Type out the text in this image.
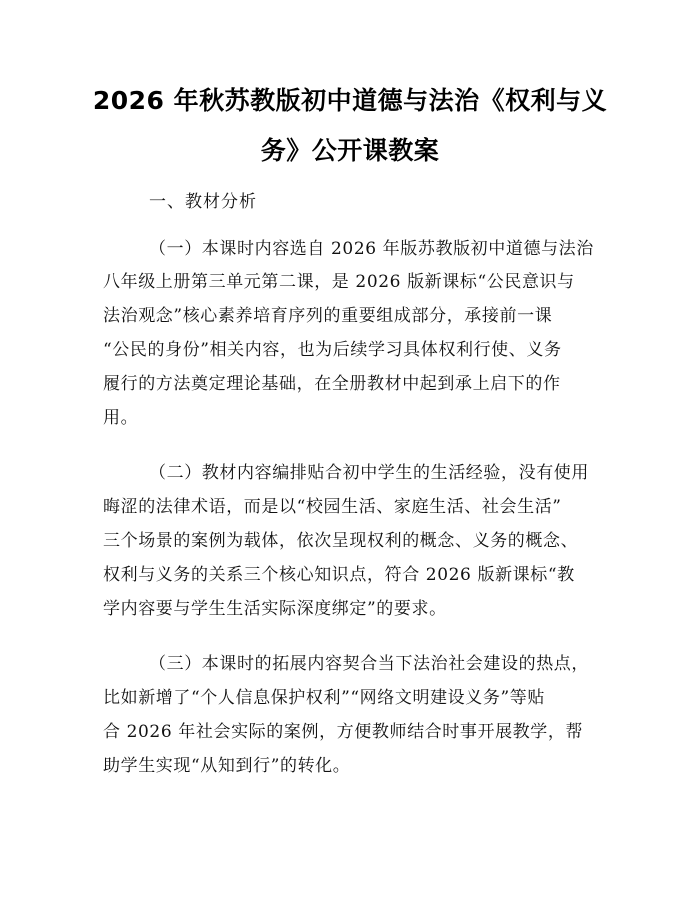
2026 年秋苏教版初中道德与法治《权利与义
务》公开课教案
一、教材分析
（一）本课时内容选自 2026 年版苏教版初中道德与法治
八年级上册第三单元第二课，是 2026 版新课标“公民意识与
法治观念”核心素养培育序列的重要组成部分，承接前一课
“公民的身份”相关内容，也为后续学习具体权利行使、义务
履行的方法奠定理论基础，在全册教材中起到承上启下的作
用。
（二）教材内容编排贴合初中学生的生活经验，没有使用
晦涩的法律术语，而是以“校园生活、家庭生活、社会生活”
三个场景的案例为载体，依次呈现权利的概念、义务的概念、
权利与义务的关系三个核心知识点，符合 2026 版新课标“教
学内容要与学生生活实际深度绑定”的要求。
（三）本课时的拓展内容契合当下法治社会建设的热点，
比如新增了“个人信息保护权利”“网络文明建设义务”等贴
合 2026 年社会实际的案例，方便教师结合时事开展教学，帮
助学生实现“从知到行”的转化。
